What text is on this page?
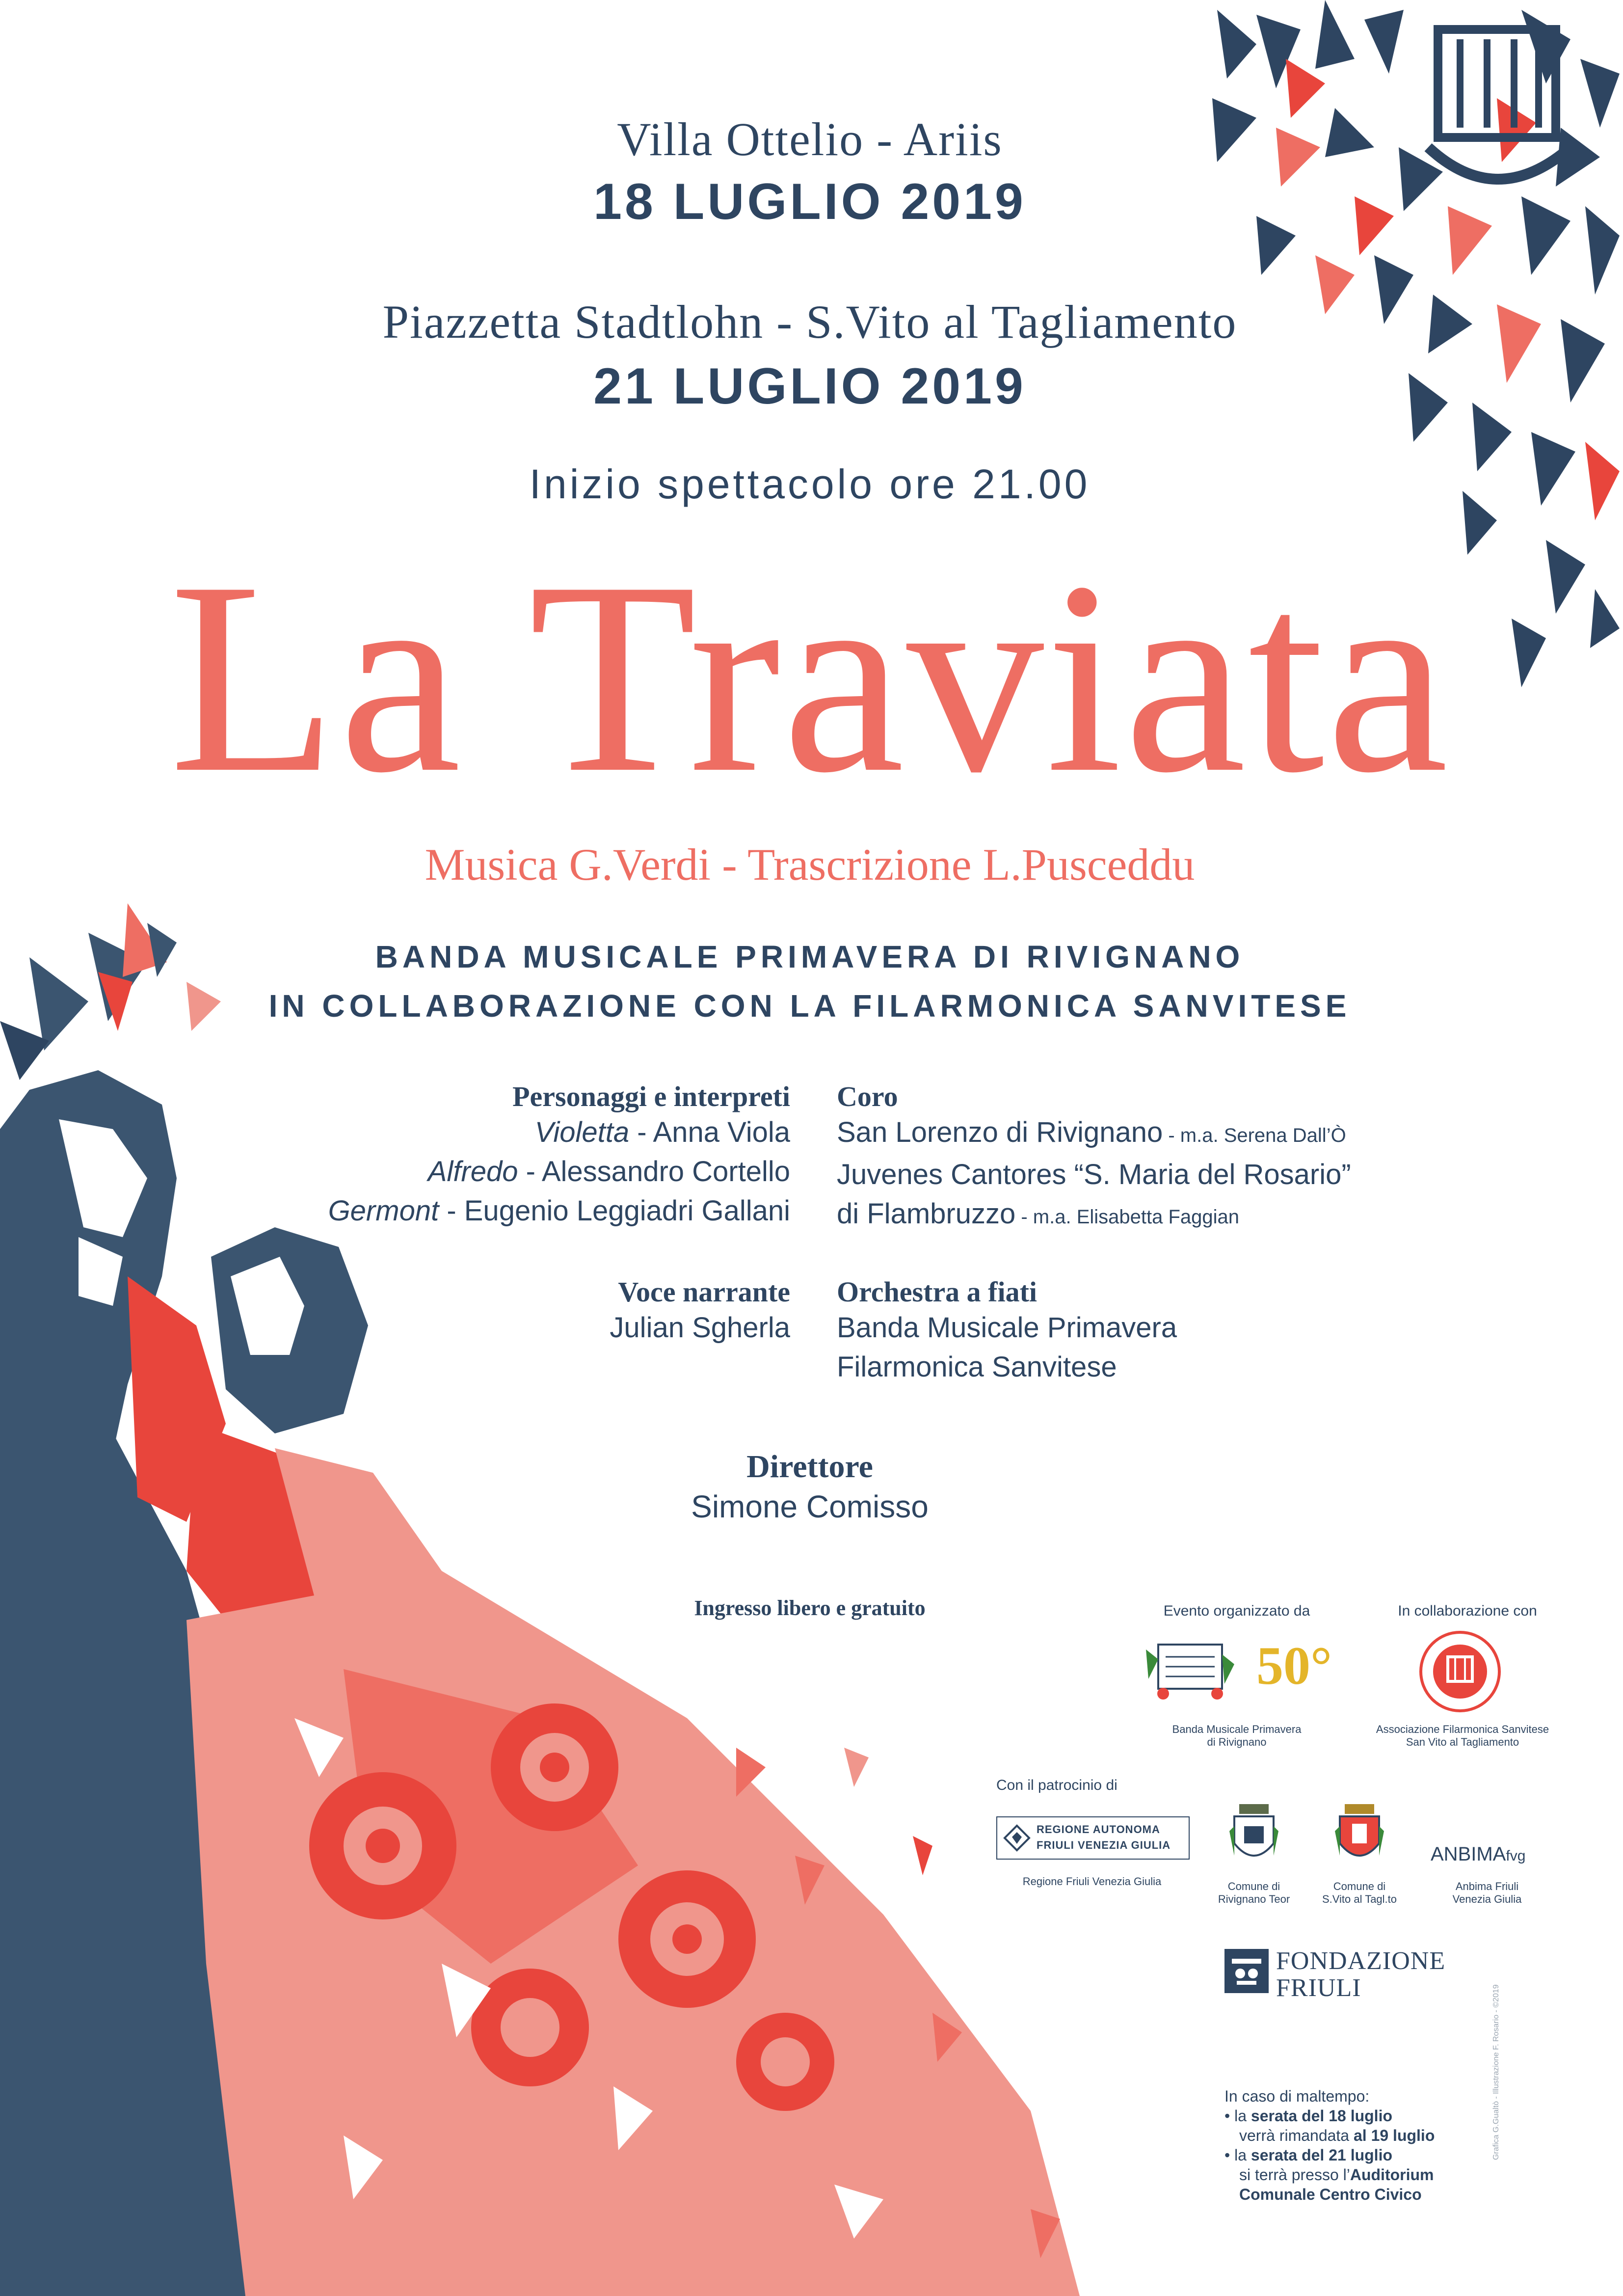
Villa Ottelio - Ariis
18 LUGLIO 2019
Piazzetta Stadtlohn - S.Vito al Tagliamento
21 LUGLIO 2019
Inizio spettacolo ore 21.00
La Traviata
Musica G.Verdi - Trascrizione L.Pusceddu
BANDA MUSICALE PRIMAVERA DI RIVIGNANO
IN COLLABORAZIONE CON LA FILARMONICA SANVITESE
Personaggi e interpreti
Violetta - Anna Viola
Alfredo - Alessandro Cortello
Germont - Eugenio Leggiadri Gallani
Coro
San Lorenzo di Rivignano - m.a. Serena Dall’Ò
Juvenes Cantores “S. Maria del Rosario”
di Flambruzzo - m.a. Elisabetta Faggian
Voce narrante
Julian Sgherla
Orchestra a fiati
Banda Musicale Primavera
Filarmonica Sanvitese
Direttore
Simone Comisso
Ingresso libero e gratuito	Evento organizzato da	In collaborazione con
50°
Banda Musicale Primavera
di Rivignano
Associazione Filarmonica Sanvitese
San Vito al Tagliamento
Con il patrocinio di
REGIONE AUTONOMA
FRIULI VENEZIA GIULIA
Regione Friuli Venezia Giulia	Comune di
Rivignano Teor
Comune di
S.Vito al Tagl.to
ANBIMAfvg
Anbima Friuli
Venezia Giulia
FONDAZIONE
FRIULI
In caso di maltempo:
• la serata del 18 luglio
verrà rimandata al 19 luglio
• la serata del 21 luglio
si terrà presso l’Auditorium
Comunale Centro Civico
Grafica G.Gualtò - Illustrazione F. Rosario - ©2019
